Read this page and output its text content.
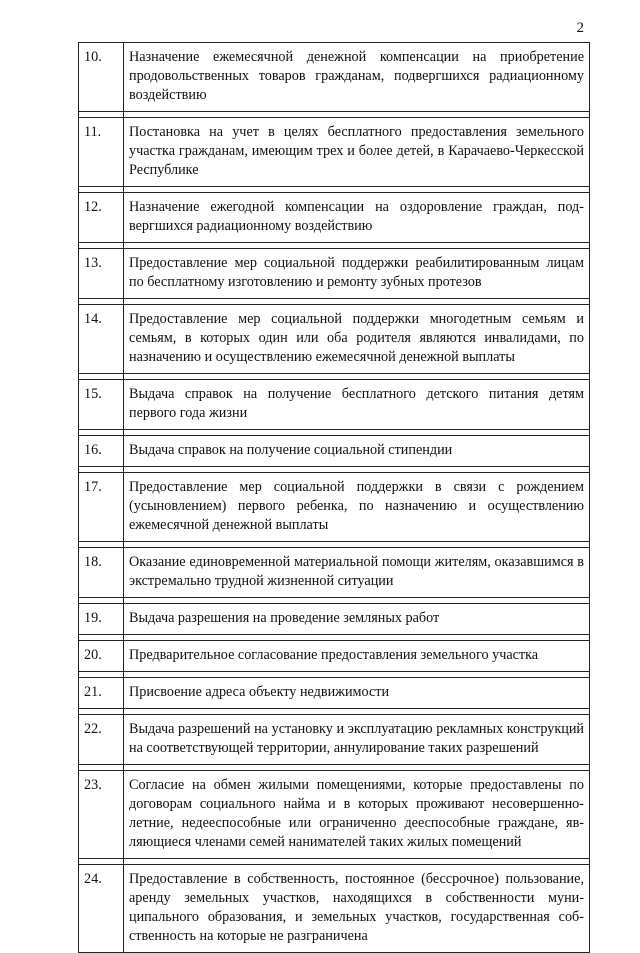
2
10.	Назначение ежемесячной денежной компенсации на приобретение продовольственных товаров гражданам, подвергшихся радиационному воздействию

11.	Постановка на учет в целях бесплатного предоставления земельного участка гражданам, имеющим трех и более детей, в Карачаево-Черкесской Республике

12.	Назначение ежегодной компенсации на оздоровление граждан, подвергшихся радиационному воздействию

13.	Предоставление мер социальной поддержки реабилитированным лицам по бесплатному изготовлению и ремонту зубных протезов

14.	Предоставление мер социальной поддержки многодетным семьям и семьям, в которых один или оба родителя являются инвалидами, по назначению и осуществлению ежемесячной денежной выплаты

15.	Выдача справок на получение бесплатного детского питания детям первого года жизни

16.	Выдача справок на получение социальной стипендии

17.	Предоставление мер социальной поддержки в связи с рождением (усыновлением) первого ребенка, по назначению и осуществлению ежемесячной денежной выплаты

18.	Оказание единовременной материальной помощи жителям, оказавшимся в экстремально трудной жизненной ситуации

19.	Выдача разрешения на проведение земляных работ

20.	Предварительное согласование предоставления земельного участка

21.	Присвоение адреса объекту недвижимости

22.	Выдача разрешений на установку и эксплуатацию рекламных конструкций на соответствующей территории, аннулирование таких разрешений

23.	Согласие на обмен жилыми помещениями, которые предоставлены по договорам социального найма и в которых проживают несовершеннолетние, недееспособные или ограниченно дееспособные граждане, являющиеся членами семей нанимателей таких жилых помещений

24.	Предоставление в собственность, постоянное (бессрочное) пользование, аренду земельных участков, находящихся в собственности муниципального образования, и земельных участков, государственная собственность на которые не разграничена
